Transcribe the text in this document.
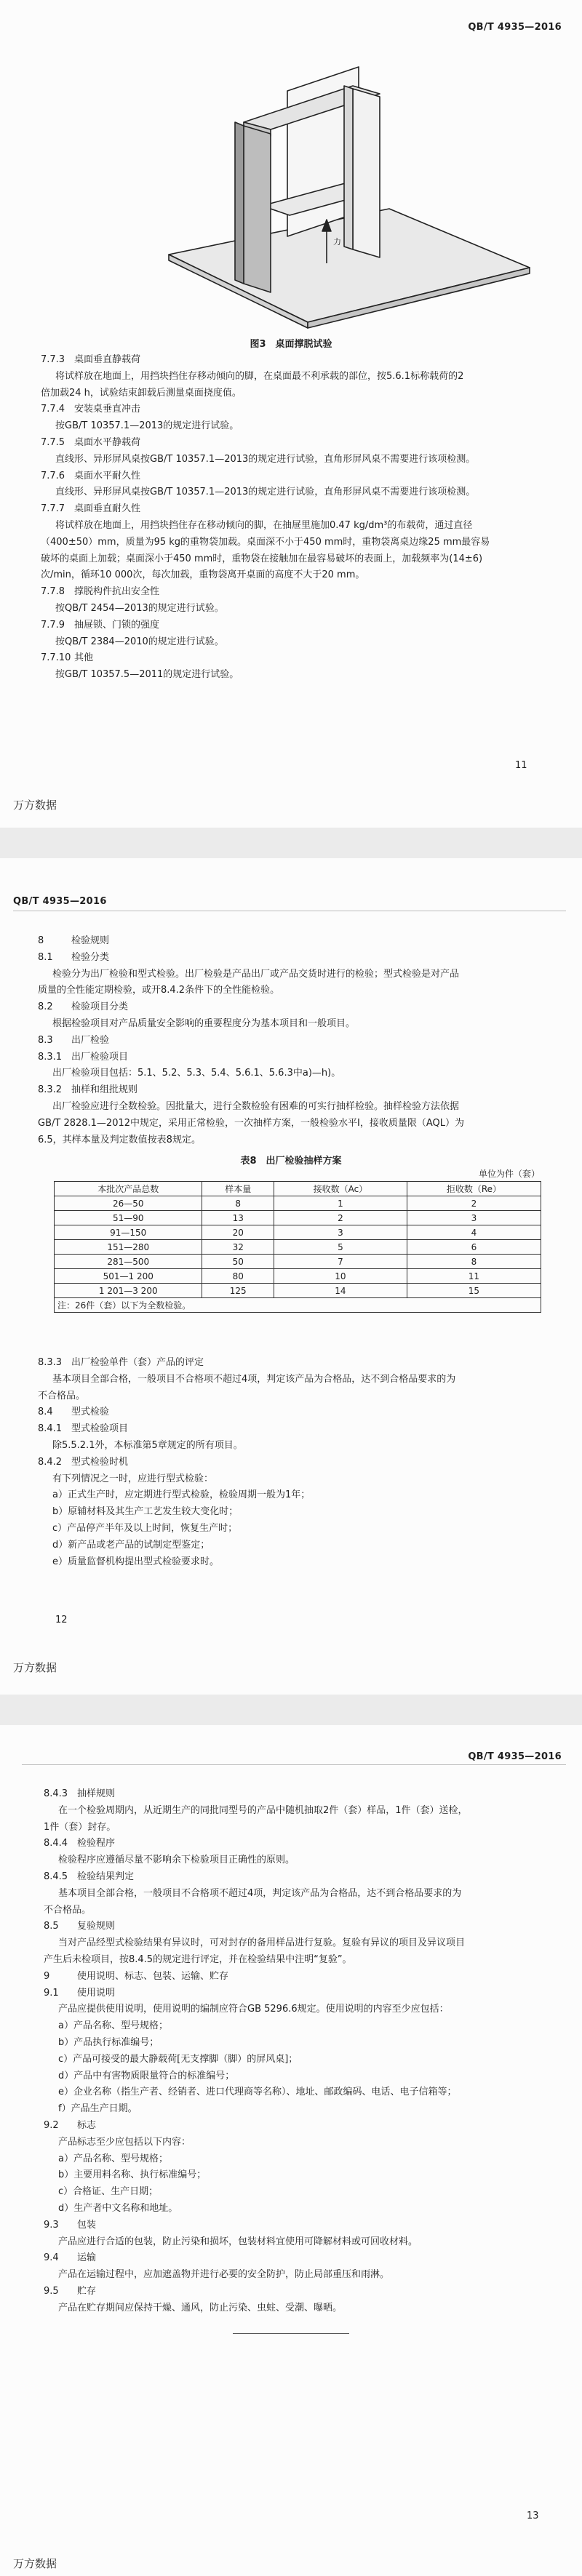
QB/T 4935—2016
力
图3　桌面撑脱试验

7.7.3 桌面垂直静载荷

将试样放在地面上，用挡块挡住存移动倾向的脚，在桌面最不利承载的部位，按5.6.1标称载荷的2

倍加载24 h，试验结束卸载后测量桌面挠度值。

7.7.4 安装桌垂直冲击

按GB/T 10357.1—2013的规定进行试验。

7.7.5 桌面水平静载荷

直线形、异形屏风桌按GB/T 10357.1—2013的规定进行试验，直角形屏风桌不需要进行该项检测。

7.7.6 桌面水平耐久性

直线形、异形屏风桌按GB/T 10357.1—2013的规定进行试验，直角形屏风桌不需要进行该项检测。

7.7.7 桌面垂直耐久性

将试样放在地面上，用挡块挡住存在移动倾向的脚，在抽屉里施加0.47 kg/dm³的布载荷，通过直径

（400±50）mm，质量为95 kg的重物袋加载。桌面深不小于450 mm时，重物袋离桌边缘25 mm最容易

破坏的桌面上加载；桌面深小于450 mm时，重物袋在接触加在最容易破坏的表面上，加载频率为(14±6)

次/min，循环10 000次，每次加载，重物袋离开桌面的高度不大于20 mm。

7.7.8 撑脱构件抗出安全性

按QB/T 2454—2013的规定进行试验。

7.7.9 抽屉锁、门锁的强度

按QB/T 2384—2010的规定进行试验。

7.7.10 其他

按GB/T 10357.5—2011的规定进行试验。

11
万方数据
QB/T 4935—2016

8	检验规则

8.1 检验分类

检验分为出厂检验和型式检验。出厂检验是产品出厂或产品交货时进行的检验；型式检验是对产品

质量的全性能定期检验，或开8.4.2条件下的全性能检验。

8.2 检验项目分类

根据检验项目对产品质量安全影响的重要程度分为基本项目和一般项目。

8.3 出厂检验

8.3.1 出厂检验项目

出厂检验项目包括：5.1、5.2、5.3、5.4、5.6.1、5.6.3中a)—h)。

8.3.2 抽样和组批规则

出厂检验应进行全数检验。因批量大，进行全数检验有困难的可实行抽样检验。抽样检验方法依据

GB/T 2828.1—2012中规定，采用正常检验，一次抽样方案，一般检验水平Ⅰ，接收质量限（AQL）为

6.5，其样本量及判定数值按表8规定。

表8　出厂检验抽样方案
单位为件（套）
本批次产品总数	样本量	接收数（Ac）	拒收数（Re）
26—50	8	1	2
51—90	13	2	3
91—150	20	3	4
151—280	32	5	6
281—500	50	7	8
501—1 200	80	10	11
1 201—3 200	125	14	15
注：26件（套）以下为全数检验。			

8.3.3 出厂检验单件（套）产品的评定

基本项目全部合格，一般项目不合格项不超过4项，判定该产品为合格品，达不到合格品要求的为

不合格品。

8.4 型式检验

8.4.1 型式检验项目

除5.5.2.1外，本标准第5章规定的所有项目。

8.4.2 型式检验时机

有下列情况之一时，应进行型式检验：

a）正式生产时，应定期进行型式检验，检验周期一般为1年；

b）原辅材料及其生产工艺发生较大变化时；

c）产品停产半年及以上时间，恢复生产时；

d）新产品或老产品的试制定型鉴定；

e）质量监督机构提出型式检验要求时。

12
万方数据
QB/T 4935—2016

8.4.3 抽样规则

在一个检验周期内，从近期生产的同批同型号的产品中随机抽取2件（套）样品，1件（套）送检，

1件（套）封存。

8.4.4 检验程序

检验程序应遵循尽量不影响余下检验项目正确性的原则。

8.4.5 检验结果判定

基本项目全部合格，一般项目不合格项不超过4项，判定该产品为合格品，达不到合格品要求的为

不合格品。

8.5 复验规则

当对产品经型式检验结果有异议时，可对封存的备用样品进行复验。复验有异议的项目及异议项目

产生后未检项目，按8.4.5的规定进行评定，并在检验结果中注明“复验”。

9	使用说明、标志、包装、运输、贮存

9.1 使用说明

产品应提供使用说明，使用说明的编制应符合GB 5296.6规定。使用说明的内容至少应包括：

a）产品名称、型号规格；

b）产品执行标准编号；

c）产品可接受的最大静载荷[无支撑脚（脚）的屏风桌]；

d）产品中有害物质限量符合的标准编号；

e）企业名称（指生产者、经销者、进口代理商等名称）、地址、邮政编码、电话、电子信箱等；

f）产品生产日期。

9.2 标志

产品标志至少应包括以下内容：

a）产品名称、型号规格；

b）主要用料名称、执行标准编号；

c）合格证、生产日期；

d）生产者中文名称和地址。

9.3 包装

产品应进行合适的包装，防止污染和损坏，包装材料宜使用可降解材料或可回收材料。

9.4 运输

产品在运输过程中，应加遮盖物并进行必要的安全防护，防止局部重压和雨淋。

9.5 贮存

产品在贮存期间应保持干燥、通风，防止污染、虫蛀、受潮、曝晒。

13
万方数据
